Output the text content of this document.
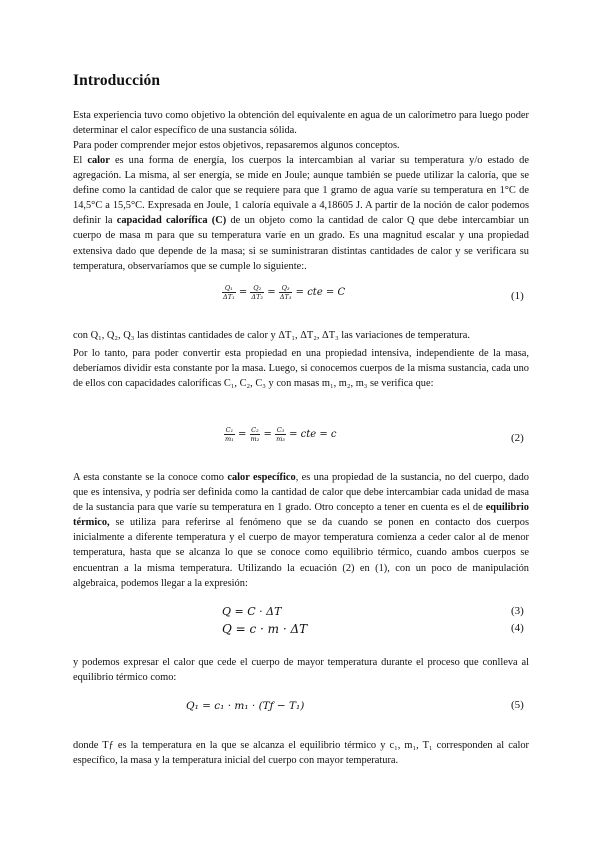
Introducción

Esta experiencia tuvo como objetivo la obtención del equivalente en agua de un calorímetro para luego poder determinar el calor específico de una sustancia sólida.

Para poder comprender mejor estos objetivos, repasaremos algunos conceptos.

El calor es una forma de energía, los cuerpos la intercambian al variar su temperatura y/o estado de agregación. La misma, al ser energía, se mide en Joule; aunque también se puede utilizar la caloría, que se define como la cantidad de calor que se requiere para que 1 gramo de agua varíe su temperatura en 1°C de 14,5°C a 15,5°C. Expresada en Joule, 1 caloría equivale a 4,18605 J. A partir de la noción de calor podemos definir la capacidad calorífica (C) de un objeto como la cantidad de calor Q que debe intercambiar un cuerpo de masa m para que su temperatura varíe en un grado. Es una magnitud escalar y una propiedad extensiva dado que depende de la masa; si se suministraran distintas cantidades de calor y se verificara su temperatura, observaríamos que se cumple lo siguiente:.

$\frac{\text{Q₁}}{\text{ΔT₁}} = \frac{\text{Q₂}}{\text{ΔT₂}} = \frac{\text{Q₃}}{\text{ΔT₃}}$ = cte = C	(1)

con Q₁, Q₂, Q₃ las distintas cantidades de calor y ΔT₁, ΔT₂, ΔT₃ las variaciones de temperatura.

Por lo tanto, para poder convertir esta propiedad en una propiedad intensiva, independiente de la masa, deberíamos dividir esta constante por la masa. Luego, si conocemos cuerpos de la misma sustancia, cada uno de ellos con capacidades caloríficas C₁, C₂, C₃ y con masas m₁, m₂, m₃ se verifica que:

$\frac{\text{C₁}}{\text{m₁}} = \frac{\text{C₂}}{\text{m₂}} = \frac{\text{C₃}}{\text{m₃}}$ = cte = c	(2)

A esta constante se la conoce como calor específico, es una propiedad de la sustancia, no del cuerpo, dado que es intensiva, y podría ser definida como la cantidad de calor que debe intercambiar cada unidad de masa de la sustancia para que varíe su temperatura en 1 grado. Otro concepto a tener en cuenta es el de equilibrio térmico, se utiliza para referirse al fenómeno que se da cuando se ponen en contacto dos cuerpos inicialmente a diferente temperatura y el cuerpo de mayor temperatura comienza a ceder calor al de menor temperatura, hasta que se alcanza lo que se conoce como equilibrio térmico, cuando ambos cuerpos se encuentran a la misma temperatura. Utilizando la ecuación (2) en (1), con un poco de manipulación algebraica, podemos llegar a la expresión:

Q = C · ΔT	(3)
Q = c · m · ΔT	(4)

y podemos expresar el calor que cede el cuerpo de mayor temperatura durante el proceso que conlleva al equilibrio térmico como:

Q₁ = c₁ · m₁ · (Tƒ − T₁)	(5)

donde Tƒ es la temperatura en la que se alcanza el equilibrio térmico y c₁, m₁, T₁ corresponden al calor específico, la masa y la temperatura inicial del cuerpo con mayor temperatura.
